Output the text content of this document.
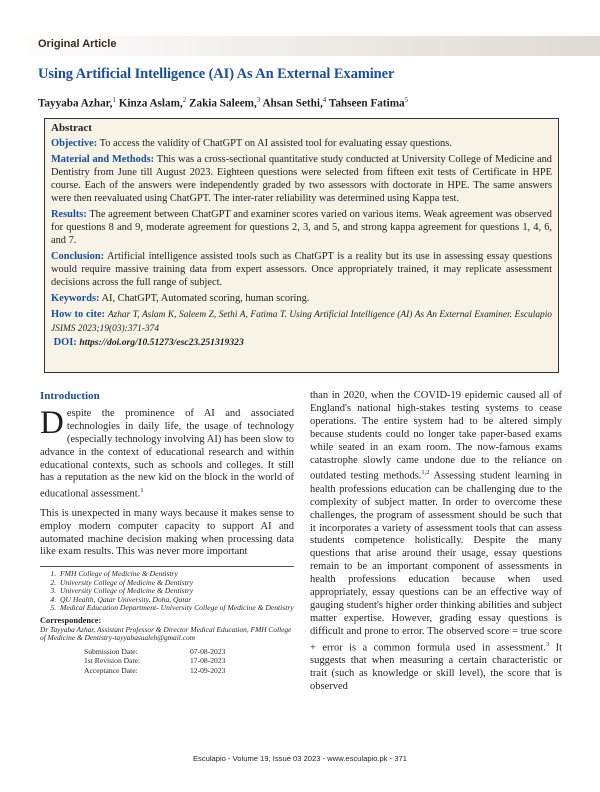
Original Article
Using Artificial Intelligence (AI) As An External Examiner
Tayyaba Azhar,$^1$ Kinza Aslam,$^2$ Zakia Saleem,$^3$ Ahsan Sethi,$^4$ Tahseen Fatima$^5$

Abstract

Objective: To access the validity of ChatGPT on AI assisted tool for evaluating essay questions.

Material and Methods: This was a cross-sectional quantitative study conducted at University College of Medicine and Dentistry from June till August 2023. Eighteen questions were selected from fifteen exit tests of Certificate in HPE course. Each of the answers were independently graded by two assessors with doctorate in HPE. The same answers were then reevaluated using ChatGPT. The inter-rater reliability was determined using Kappa test.

Results: The agreement between ChatGPT and examiner scores varied on various items. Weak agreement was observed for questions 8 and 9, moderate agreement for questions 2, 3, and 5, and strong kappa agreement for questions 1, 4, 6, and 7.

Conclusion: Artificial intelligence assisted tools such as ChatGPT is a reality but its use in assessing essay questions would require massive training data from expert assessors. Once appropriately trained, it may replicate assessment decisions across the full range of subject.

Keywords: AI, ChatGPT, Automated scoring, human scoring.

How to cite: Azhar T, Aslam K, Saleem Z, Sethi A, Fatima T. Using Artificial Intelligence (AI) As An External Examiner. Esculapio JSIMS 2023;19(03):371-374

DOI: https://doi.org/10.51273/esc23.251319323

Introduction

Despite the prominence of AI and associated technologies in daily life, the usage of technology (especially technology involving AI) has been slow to advance in the context of educational research and within educational contexts, such as schools and colleges. It still has a reputation as the new kid on the block in the world of educational assessment.$^1$

This is unexpected in many ways because it makes sense to employ modern computer capacity to support AI and automated machine decision making when processing data like exam results. This was never more important

than in 2020, when the COVID-19 epidemic caused all of England's national high-stakes testing systems to cease operations. The entire system had to be altered simply because students could no longer take paper-based exams while seated in an exam room. The now-famous exams catastrophe slowly came undone due to the reliance on outdated testing methods.$^{1,2}$ Assessing student learning in health professions education can be challenging due to the complexity of subject matter. In order to overcome these challenges, the program of assessment should be such that it incorporates a variety of assessment tools that can assess students competence holistically. Despite the many questions that arise around their usage, essay questions remain to be an important component of assessments in health professions education because when used appropriately, essay questions can be an effective way of gauging student's higher order thinking abilities and subject matter expertise. However, grading essay questions is difficult and prone to error. The observed score = true score + error is a common formula used in assessment.$^3$ It suggests that when measuring a certain characteristic or trait (such as knowledge or skill level), the score that is observed

1. FMH College of Medicine & Dentistry
2. University College of Medicine & Dentistry
3. University College of Medicine & Dentistry
4. QU Health, Qatar University, Doha, Qatar
5. Medical Education Department- University College of Medicine & Dentistry
Correspondence:
Dr Tayyaba Azhar, Assistant Professor & Director Medical Education, FMH College of Medicine & Dentistry-tayyabasualeh@gmail.com
Submission Date:	07-08-2023
1st Revision Date:	17-08-2023
Acceptance Date:	12-09-2023
Esculapio - Volume 19, Issue 03 2023 - www.esculapio.pk - 371
